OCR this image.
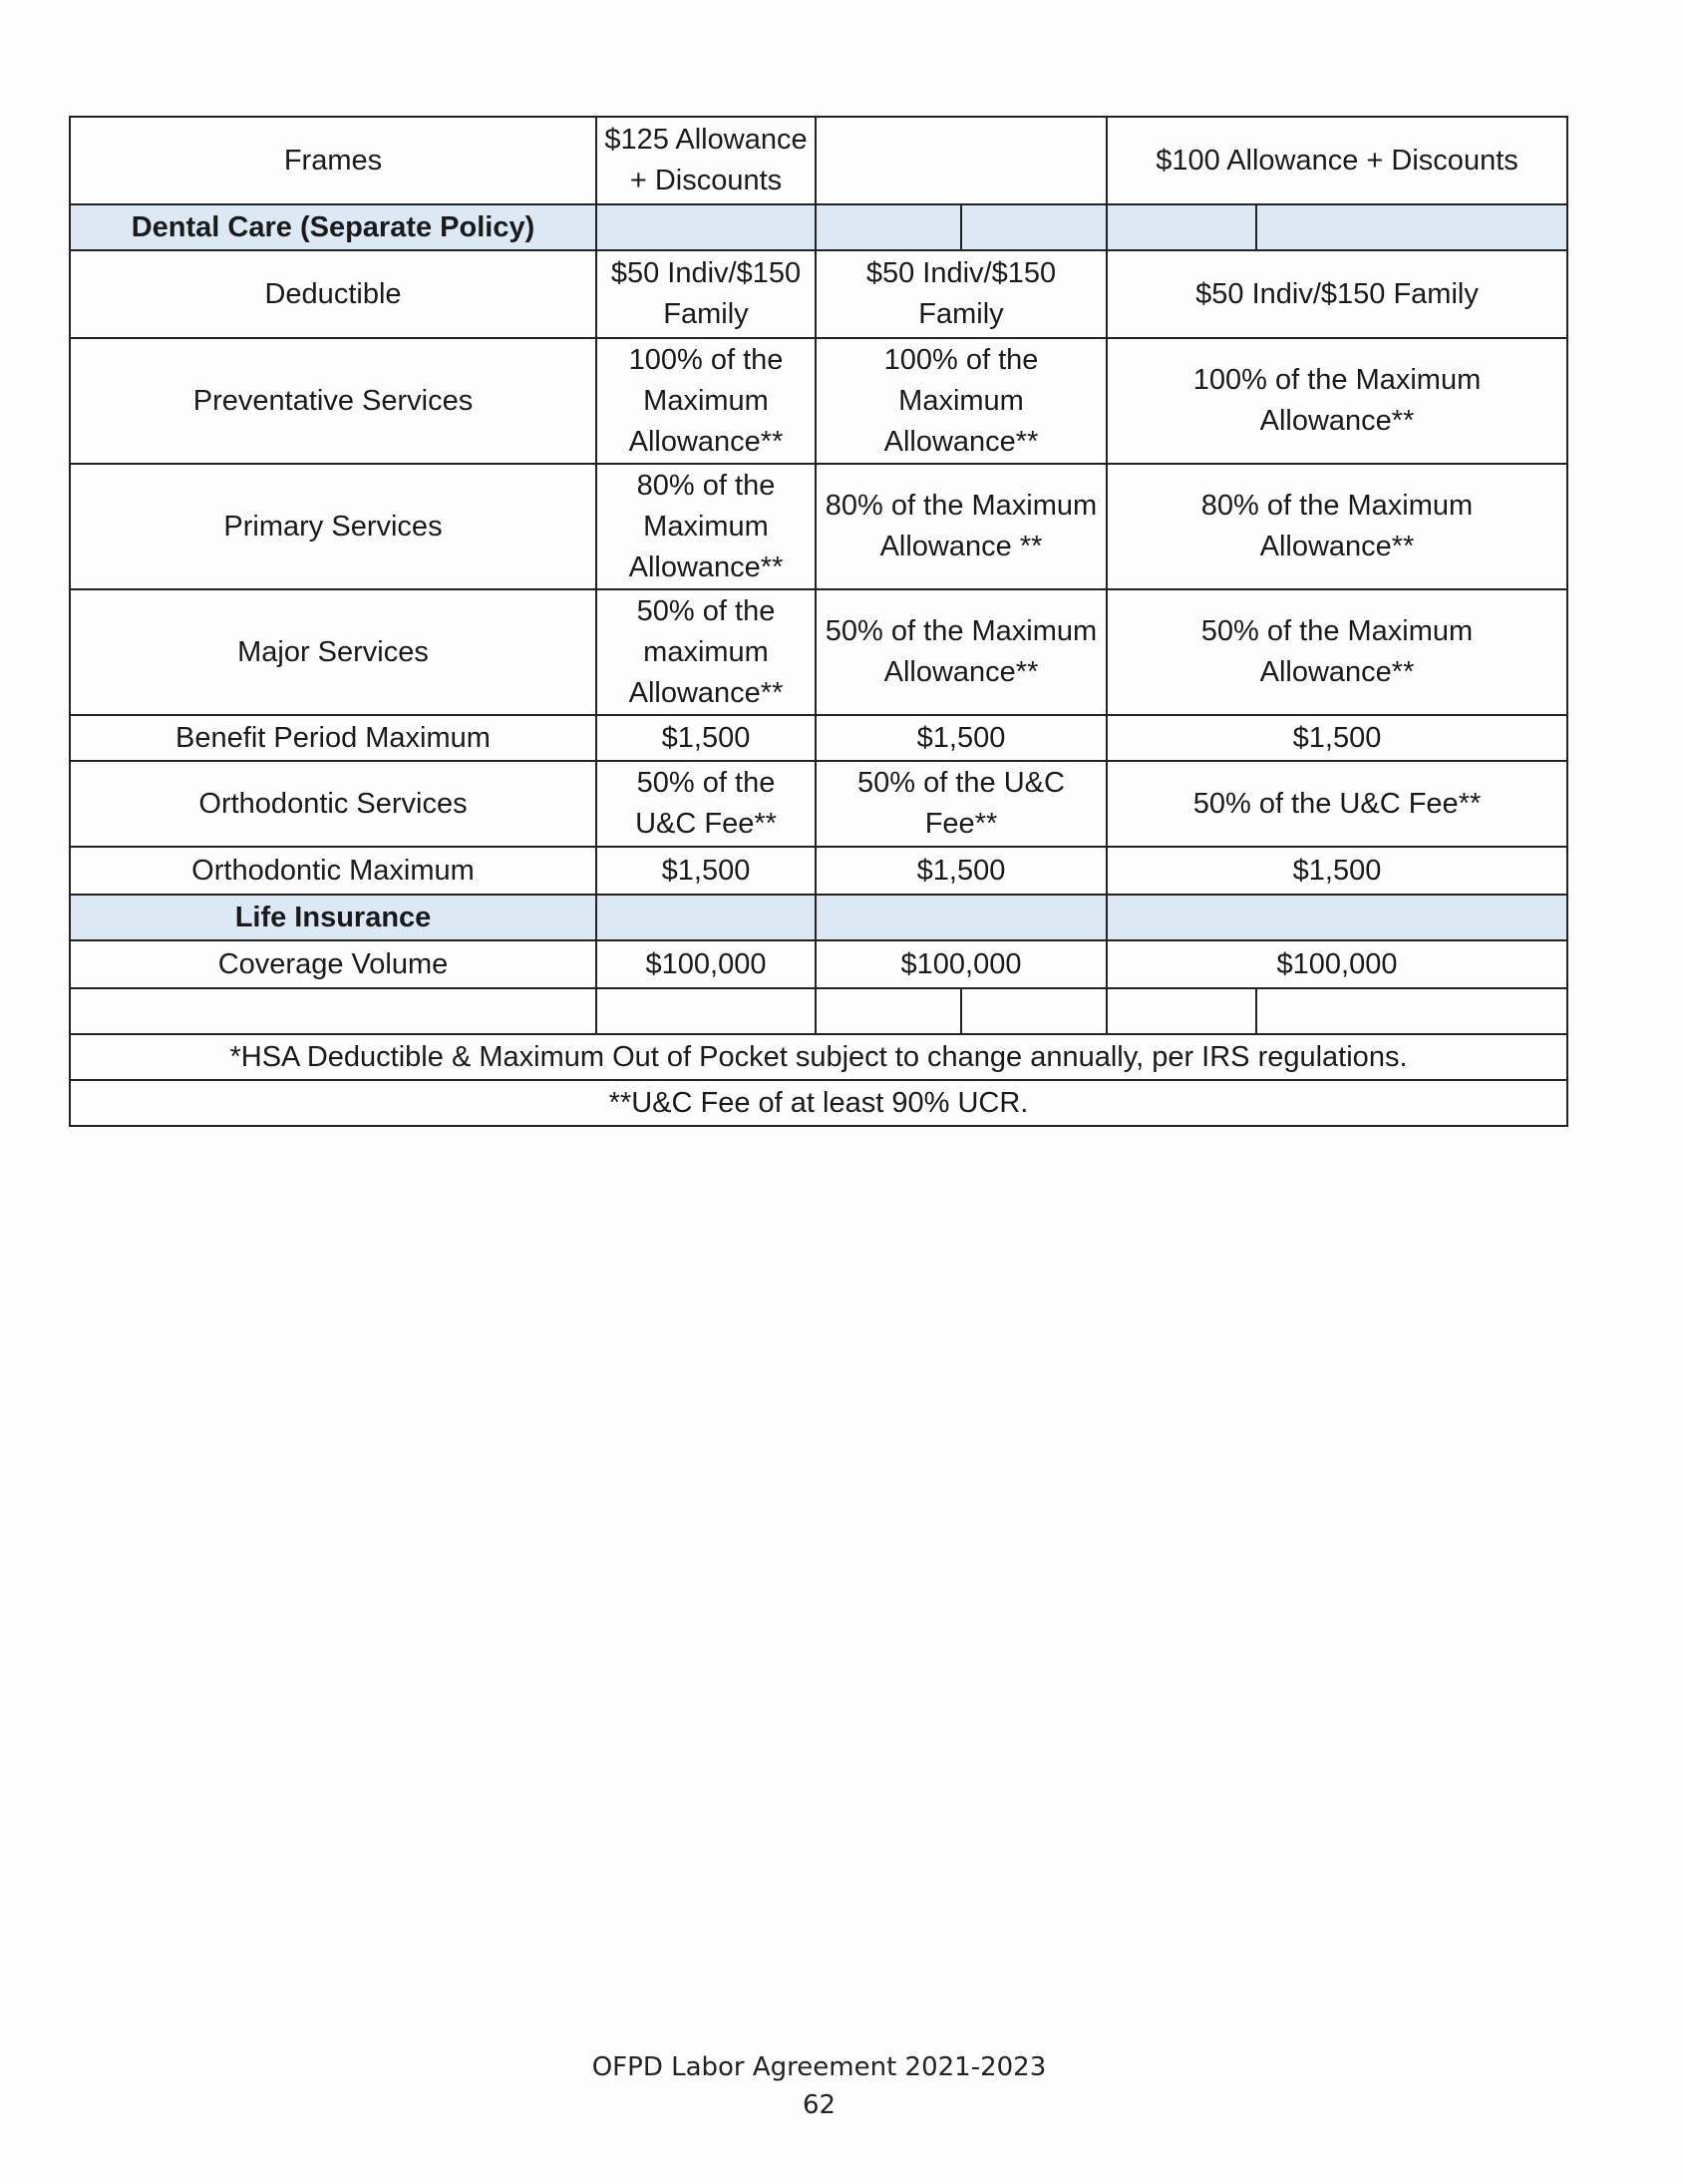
Frames	$125 Allowance + Discounts		$100 Allowance + Discounts
Dental Care (Separate Policy)		

Deductible	$50 Indiv/$150 Family	$50 Indiv/$150 Family	$50 Indiv/$150 Family
Preventative Services	100% of the Maximum Allowance**	100% of the Maximum Allowance**	100% of the Maximum Allowance**
Primary Services	80% of the Maximum Allowance**	80% of the Maximum Allowance **	80% of the Maximum Allowance**
Major Services	50% of the maximum Allowance**	50% of the Maximum Allowance**	50% of the Maximum Allowance**
Benefit Period Maximum	$1,500	$1,500	$1,500
Orthodontic Services	50% of the U&C Fee**	50% of the U&C Fee**	50% of the U&C Fee**
Orthodontic Maximum	$1,500	$1,500	$1,500
Life Insurance			
Coverage Volume	$100,000	$100,000	$100,000

*HSA Deductible & Maximum Out of Pocket subject to change annually, per IRS regulations.			
**U&C Fee of at least 90% UCR.			
OFPD Labor Agreement 2021-2023
62
